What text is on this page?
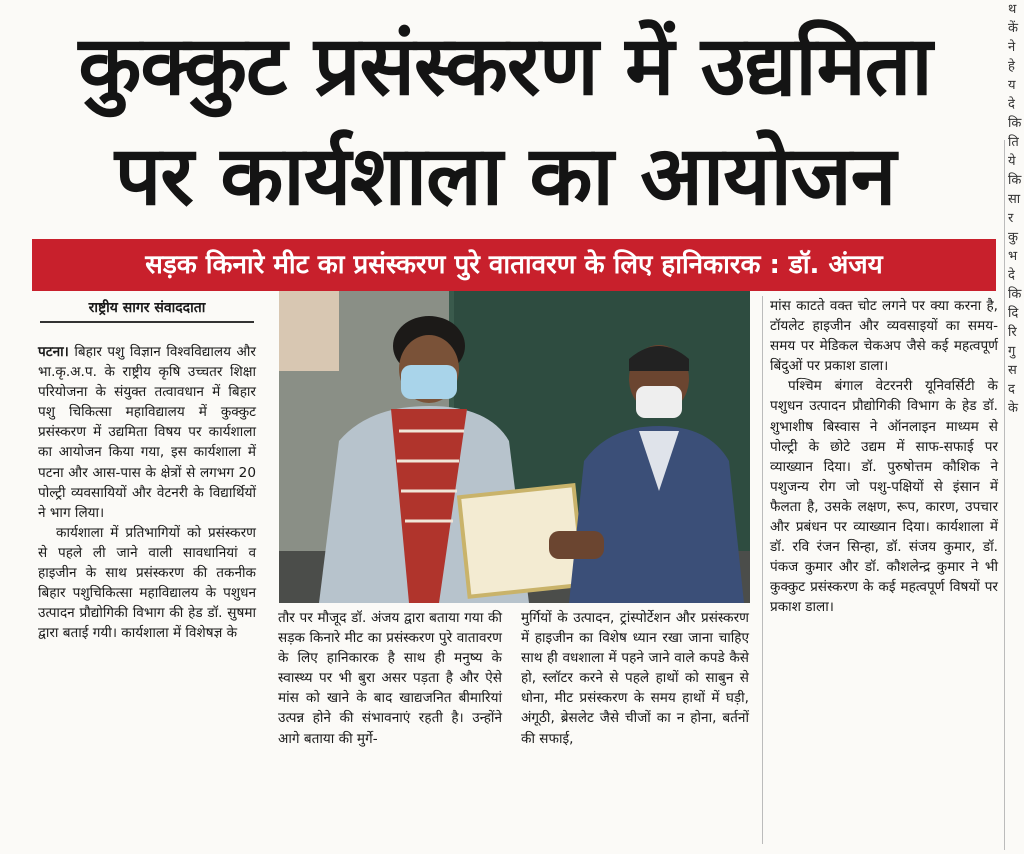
कुक्कुट प्रसंस्करण में उद्यमिता
पर कार्यशाला का आयोजन
सड़क किनारे मीट का प्रसंस्करण पुरे वातावरण के लिए हानिकारक : डॉ. अंजय
राष्ट्रीय सागर संवाददाता

पटना। बिहार पशु विज्ञान विश्वविद्यालय और भा.कृ.अ.प. के राष्ट्रीय कृषि उच्चतर शिक्षा परियोजना के संयुक्त तत्वावधान में बिहार पशु चिकित्सा महाविद्यालय में कुक्कुट प्रसंस्करण में उद्यमिता विषय पर कार्यशाला का आयोजन किया गया, इस कार्यशाला में पटना और आस-पास के क्षेत्रों से लगभग 20 पोल्ट्री व्यवसायियों और वेटनरी के विद्यार्थियों ने भाग लिया।

कार्यशाला में प्रतिभागियों को प्रसंस्करण से पहले ली जाने वाली सावधानियां व हाइजीन के साथ प्रसंस्करण की तकनीक बिहार पशुचिकित्सा महाविद्यालय के पशुधन उत्पादन प्रौद्योगिकी विभाग की हेड डॉ. सुषमा द्वारा बताई गयी। कार्यशाला में विशेषज्ञ के

तौर पर मौजूद डॉ. अंजय द्वारा बताया गया की सड़क किनारे मीट का प्रसंस्करण पुरे वातावरण के लिए हानिकारक है साथ ही मनुष्य के स्वास्थ्य पर भी बुरा असर पड़ता है और ऐसे मांस को खाने के बाद खाद्यजनित बीमारियां उत्पन्न होने की संभावनाएं रहती है। उन्होंने आगे बताया की मुर्गे-

मुर्गियों के उत्पादन, ट्रांस्पोर्टेशन और प्रसंस्करण में हाइजीन का विशेष ध्यान रखा जाना चाहिए साथ ही वधशाला में पहने जाने वाले कपडे कैसे हो, स्लॉटर करने से पहले हाथों को साबुन से धोना, मीट प्रसंस्करण के समय हाथों में घड़ी, अंगूठी, ब्रेसलेट जैसे चीजों का न होना, बर्तनों की सफाई,

मांस काटते वक्त चोट लगने पर क्या करना है, टॉयलेट हाइजीन और व्यवसाइयों का समय-समय पर मेडिकल चेकअप जैसे कई महत्वपूर्ण बिंदुओं पर प्रकाश डाला।

पश्चिम बंगाल वेटरनरी यूनिवर्सिटी के पशुधन उत्पादन प्रौद्योगिकी विभाग के हेड डॉ. शुभाशीष बिस्वास ने ऑनलाइन माध्यम से पोल्ट्री के छोटे उद्यम में साफ-सफाई पर व्याख्यान दिया। डॉ. पुरुषोत्तम कौशिक ने पशुजन्य रोग जो पशु-पक्षियों से इंसान में फैलता है, उसके लक्षण, रूप, कारण, उपचार और प्रबंधन पर व्याख्यान दिया। कार्यशाला में डॉ. रवि रंजन सिन्हा, डॉ. संजय कुमार, डॉ. पंकज कुमार और डॉ. कौशलेन्द्र कुमार ने भी कुक्कुट प्रसंस्करण के कई महत्वपूर्ण विषयों पर प्रकाश डाला।

थ कें ने हे य दे कि ति ये कि सा र कु भ दे कि दि रि गु स द के
